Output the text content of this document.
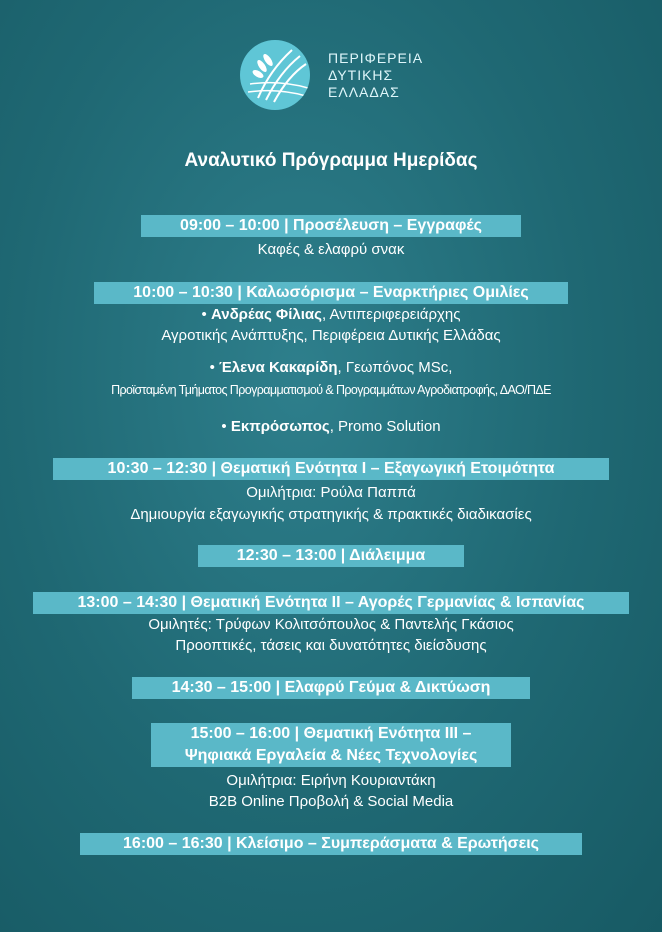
ΠΕΡΙΦΕΡΕΙΑ
ΔΥΤΙΚΗΣ
ΕΛΛΑΔΑΣ
Αναλυτικό Πρόγραμμα Ημερίδας
09:00 – 10:00 | Προσέλευση – Εγγραφές
Καφές & ελαφρύ σνακ
10:00 – 10:30 | Καλωσόρισμα – Εναρκτήριες Ομιλίες
• Ανδρέας Φίλιας, Αντιπεριφερειάρχης
Αγροτικής Ανάπτυξης, Περιφέρεια Δυτικής Ελλάδας
• Έλενα Κακαρίδη, Γεωπόνος MSc,
Προϊσταμένη Τμήματος Προγραμματισμού & Προγραμμάτων Αγροδιατροφής, ΔΑΟ/ΠΔΕ
• Εκπρόσωπος, Promo Solution
10:30 – 12:30 | Θεματική Ενότητα Ι – Εξαγωγική Ετοιμότητα
Ομιλήτρια: Ρούλα Παππά
Δημιουργία εξαγωγικής στρατηγικής & πρακτικές διαδικασίες
12:30 – 13:00 | Διάλειμμα
13:00 – 14:30 | Θεματική Ενότητα ΙΙ – Αγορές Γερμανίας & Ισπανίας
Ομιλητές: Τρύφων Κολιτσόπουλος & Παντελής Γκάσιος
Προοπτικές, τάσεις και δυνατότητες διείσδυσης
14:30 – 15:00 | Ελαφρύ Γεύμα & Δικτύωση
15:00 – 16:00 | Θεματική Ενότητα ΙΙΙ –
Ψηφιακά Εργαλεία & Νέες Τεχνολογίες
Ομιλήτρια: Ειρήνη Κουριαντάκη
B2B Online Προβολή & Social Media
16:00 – 16:30 | Κλείσιμο – Συμπεράσματα & Ερωτήσεις
